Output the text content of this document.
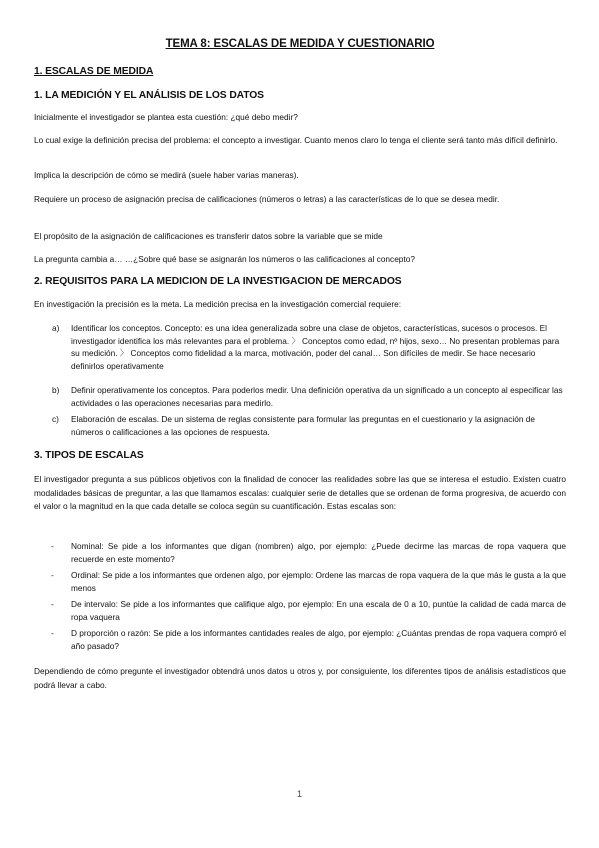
TEMA 8: ESCALAS DE MEDIDA Y CUESTIONARIO
1. ESCALAS DE MEDIDA
1. LA MEDICIÓN Y EL ANÁLISIS DE LOS DATOS
Inicialmente el investigador se plantea esta cuestión: ¿qué debo medir?
Lo cual exige la definición precisa del problema: el concepto a investigar. Cuanto menos claro lo tenga el cliente será tanto más difícil definirlo.
Implica la descripción de cómo se medirá (suele haber varias maneras).
Requiere un proceso de asignación precisa de calificaciones (números o letras) a las características de lo que se desea medir.
El propósito de la asignación de calificaciones es transferir datos sobre la variable que se mide
La pregunta cambia a… …¿Sobre qué base se asignarán los números o las calificaciones al concepto?
2. REQUISITOS PARA LA MEDICION DE LA INVESTIGACION DE MERCADOS
En investigación la precisión es la meta. La medición precisa en la investigación comercial requiere:
a) Identificar los conceptos. Concepto: es una idea generalizada sobre una clase de objetos, características, sucesos o procesos. El investigador identifica los más relevantes para el problema. 〉 Conceptos como edad, nº hijos, sexo… No presentan problemas para su medición. 〉 Conceptos como fidelidad a la marca, motivación, poder del canal… Son difíciles de medir. Se hace necesario definirlos operativamente
b) Definir operativamente los conceptos. Para poderlos medir. Una definición operativa da un significado a un concepto al especificar las actividades o las operaciones necesarias para medirlo.
c) Elaboración de escalas. De un sistema de reglas consistente para formular las preguntas en el cuestionario y la asignación de números o calificaciones a las opciones de respuesta.
3. TIPOS DE ESCALAS
El investigador pregunta a sus públicos objetivos con la finalidad de conocer las realidades sobre las que se interesa el estudio. Existen cuatro modalidades básicas de preguntar, a las que llamamos escalas: cualquier serie de detalles que se ordenan de forma progresiva, de acuerdo con el valor o la magnitud en la que cada detalle se coloca según su cuantificación. Estas escalas son:
- Nominal: Se pide a los informantes que digan (nombren) algo, por ejemplo: ¿Puede decirme las marcas de ropa vaquera que recuerde en este momento?
- Ordinal: Se pide a los informantes que ordenen algo, por ejemplo: Ordene las marcas de ropa vaquera de la que más le gusta a la que menos
- De intervalo: Se pide a los informantes que califique algo, por ejemplo: En una escala de 0 a 10, puntúe la calidad de cada marca de ropa vaquera
- D proporción o razón: Se pide a los informantes cantidades reales de algo, por ejemplo: ¿Cuántas prendas de ropa vaquera compró el año pasado?
Dependiendo de cómo pregunte el investigador obtendrá unos datos u otros y, por consiguiente, los diferentes tipos de análisis estadísticos que podrá llevar a cabo.
1
